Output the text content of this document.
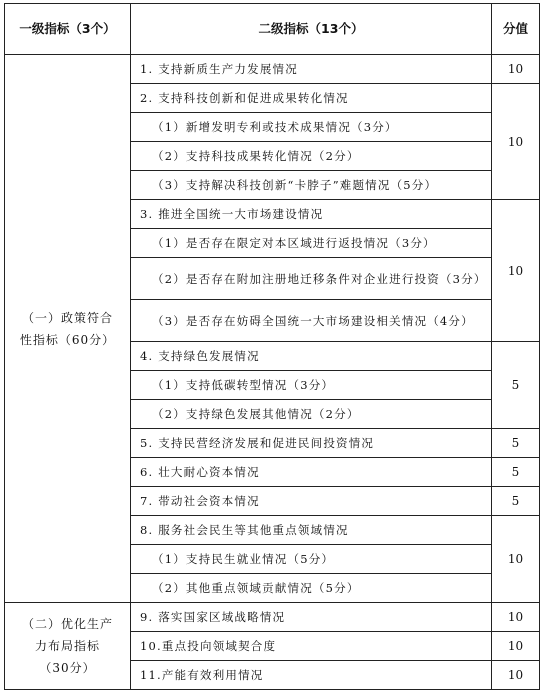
一级指标（3个）	二级指标（13个）	分值

（一）政策符合
性指标（60分）	1. 支持新质生产力发展情况	10
	2. 支持科技创新和促进成果转化情况	10
	（1）新增发明专利或技术成果情况（3分）	
	（2）支持科技成果转化情况（2分）	
	（3）支持解决科技创新“卡脖子”难题情况（5分）	
	3. 推进全国统一大市场建设情况	10
	（1）是否存在限定对本区域进行返投情况（3分）	
	（2）是否存在附加注册地迁移条件对企业进行投资（3分）	
	（3）是否存在妨碍全国统一大市场建设相关情况（4分）	
	4. 支持绿色发展情况	5
	（1）支持低碳转型情况（3分）	
	（2）支持绿色发展其他情况（2分）	
	5. 支持民营经济发展和促进民间投资情况	5
	6. 壮大耐心资本情况	5
	7. 带动社会资本情况	5
	8. 服务社会民生等其他重点领域情况	10
	（1）支持民生就业情况（5分）	
	（2）其他重点领域贡献情况（5分）	

（二）优化生产
力布局指标
（30分）	9. 落实国家区域战略情况	10
	10.重点投向领域契合度	10
	11.产能有效利用情况	10
